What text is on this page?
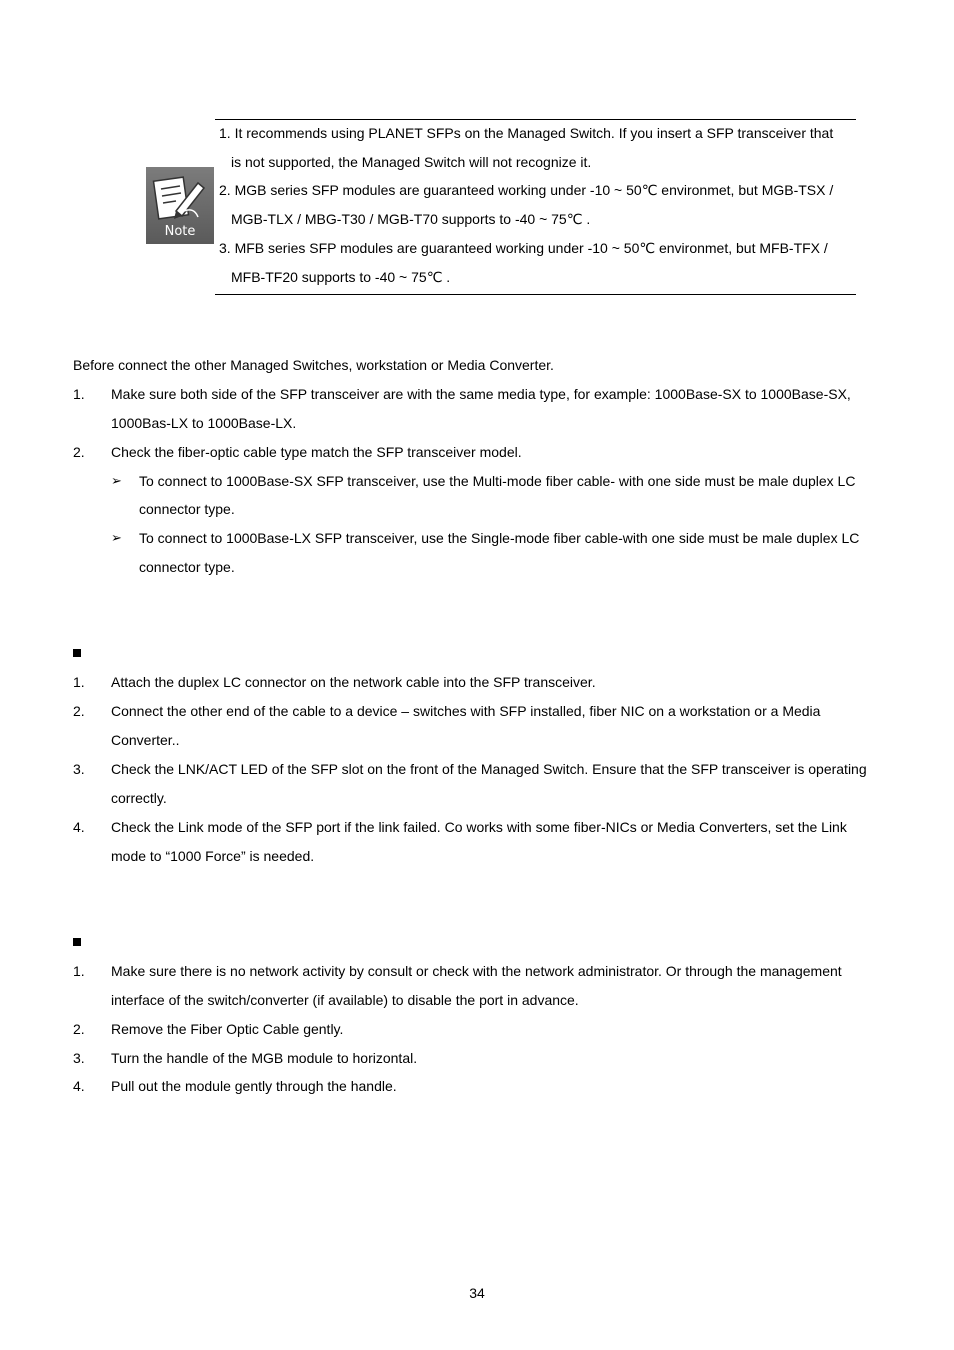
Note
1. It recommends using PLANET SFPs on the Managed Switch. If you insert a SFP transceiver that
is not supported, the Managed Switch will not recognize it.
2. MGB series SFP modules are guaranteed working under -10 ~ 50℃ environmet, but MGB-TSX /
MGB-TLX / MBG-T30 / MGB-T70 supports to -40 ~ 75℃ .
3. MFB series SFP modules are guaranteed working under -10 ~ 50℃ environmet, but MFB-TFX /
MFB-TF20 supports to -40 ~ 75℃ .
Before connect the other Managed Switches, workstation or Media Converter.
1. Make sure both side of the SFP transceiver are with the same media type, for example: 1000Base-SX to 1000Base-SX,
1000Bas-LX to 1000Base-LX.
2. Check the fiber-optic cable type match the SFP transceiver model.
➢ To connect to 1000Base-SX SFP transceiver, use the Multi-mode fiber cable- with one side must be male duplex LC
connector type.
➢ To connect to 1000Base-LX SFP transceiver, use the Single-mode fiber cable-with one side must be male duplex LC
connector type.
1. Attach the duplex LC connector on the network cable into the SFP transceiver.
2. Connect the other end of the cable to a device – switches with SFP installed, fiber NIC on a workstation or a Media
Converter..
3. Check the LNK/ACT LED of the SFP slot on the front of the Managed Switch. Ensure that the SFP transceiver is operating
correctly.
4. Check the Link mode of the SFP port if the link failed. Co works with some fiber-NICs or Media Converters, set the Link
mode to “1000 Force” is needed.
1. Make sure there is no network activity by consult or check with the network administrator. Or through the management
interface of the switch/converter (if available) to disable the port in advance.
2. Remove the Fiber Optic Cable gently.
3. Turn the handle of the MGB module to horizontal.
4. Pull out the module gently through the handle.
34
